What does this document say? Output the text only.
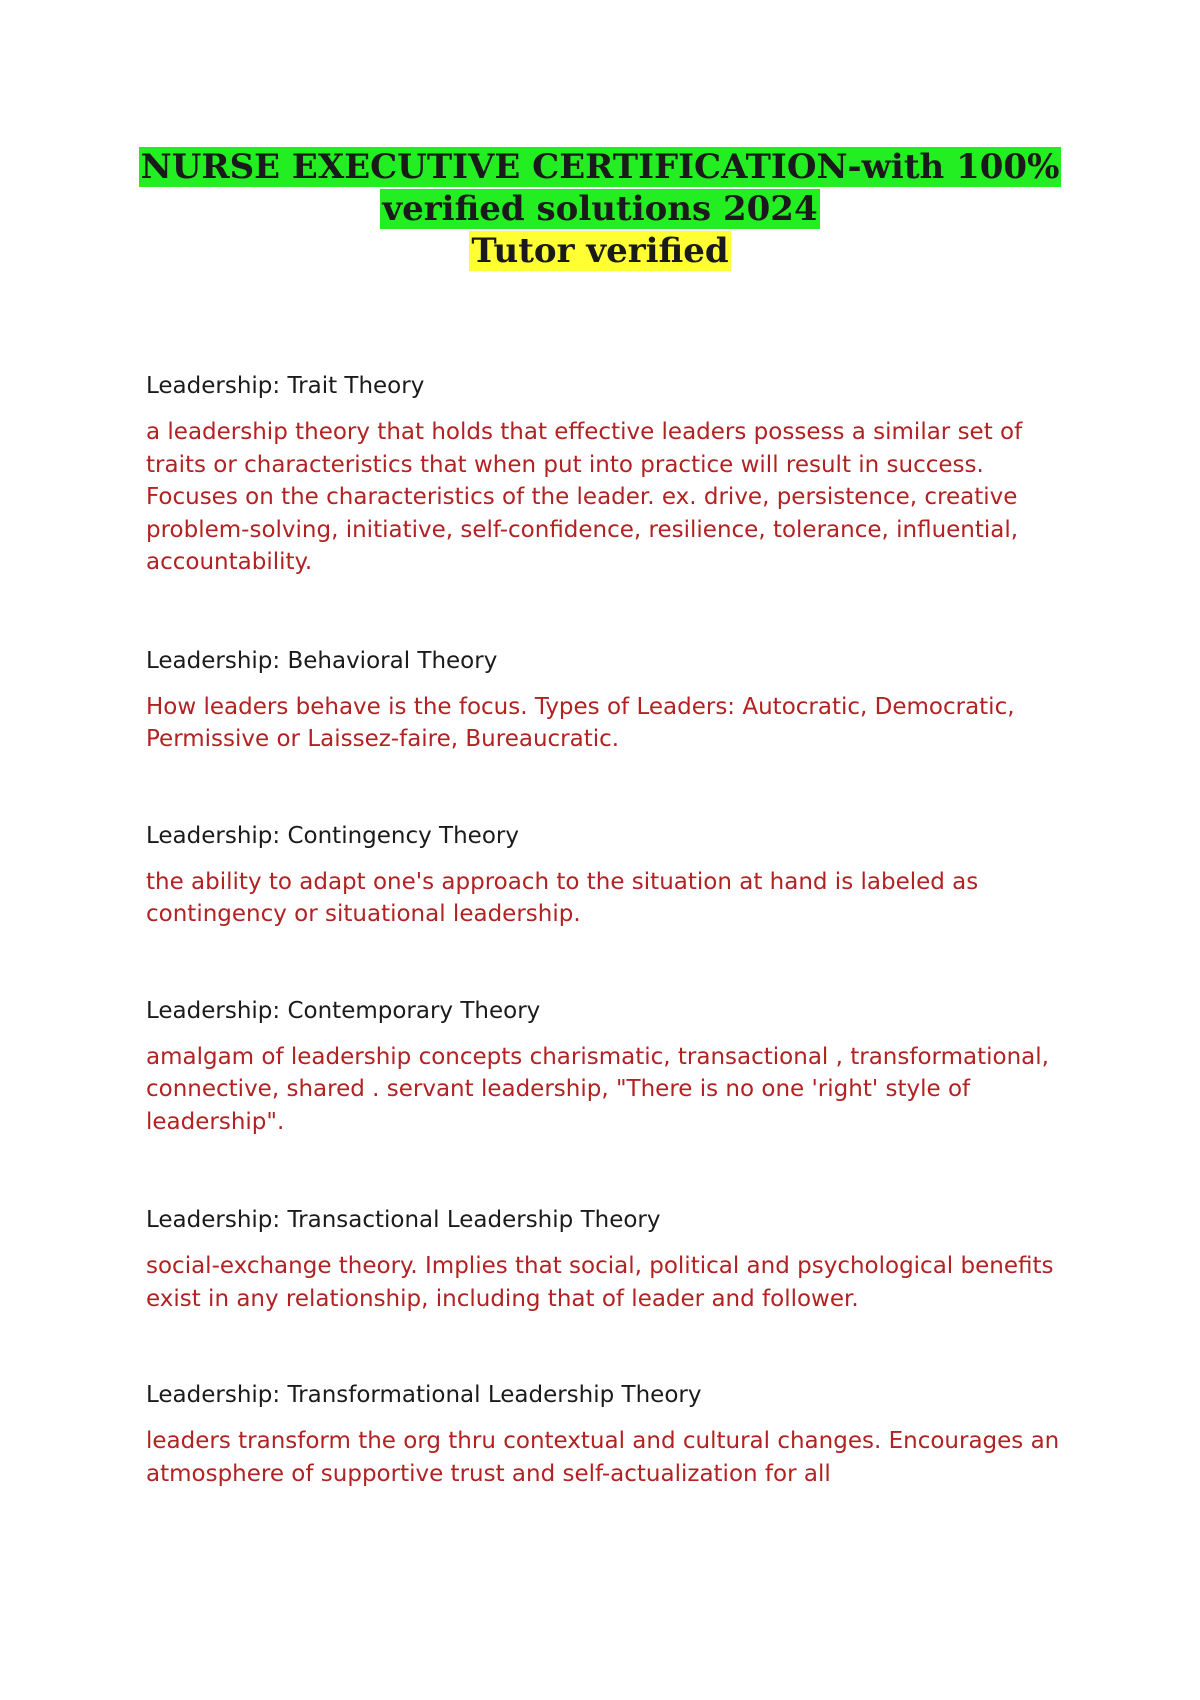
NURSE EXECUTIVE CERTIFICATION-with 100%
verified solutions 2024
Tutor verified

Leadership: Trait Theory

a leadership theory that holds that effective leaders possess a similar set of traits or characteristics that when put into practice will result in success. Focuses on the characteristics of the leader. ex. drive, persistence, creative problem-solving, initiative, self-confidence, resilience, tolerance, influential, accountability.

Leadership: Behavioral Theory

How leaders behave is the focus. Types of Leaders: Autocratic, Democratic, Permissive or Laissez-faire, Bureaucratic.

Leadership: Contingency Theory

the ability to adapt one's approach to the situation at hand is labeled as contingency or situational leadership.

Leadership: Contemporary Theory

amalgam of leadership concepts charismatic, transactional , transformational, connective, shared . servant leadership, "There is no one 'right' style of leadership".

Leadership: Transactional Leadership Theory

social-exchange theory. Implies that social, political and psychological benefits exist in any relationship, including that of leader and follower.

Leadership: Transformational Leadership Theory

leaders transform the org thru contextual and cultural changes. Encourages an atmosphere of supportive trust and self-actualization for all
